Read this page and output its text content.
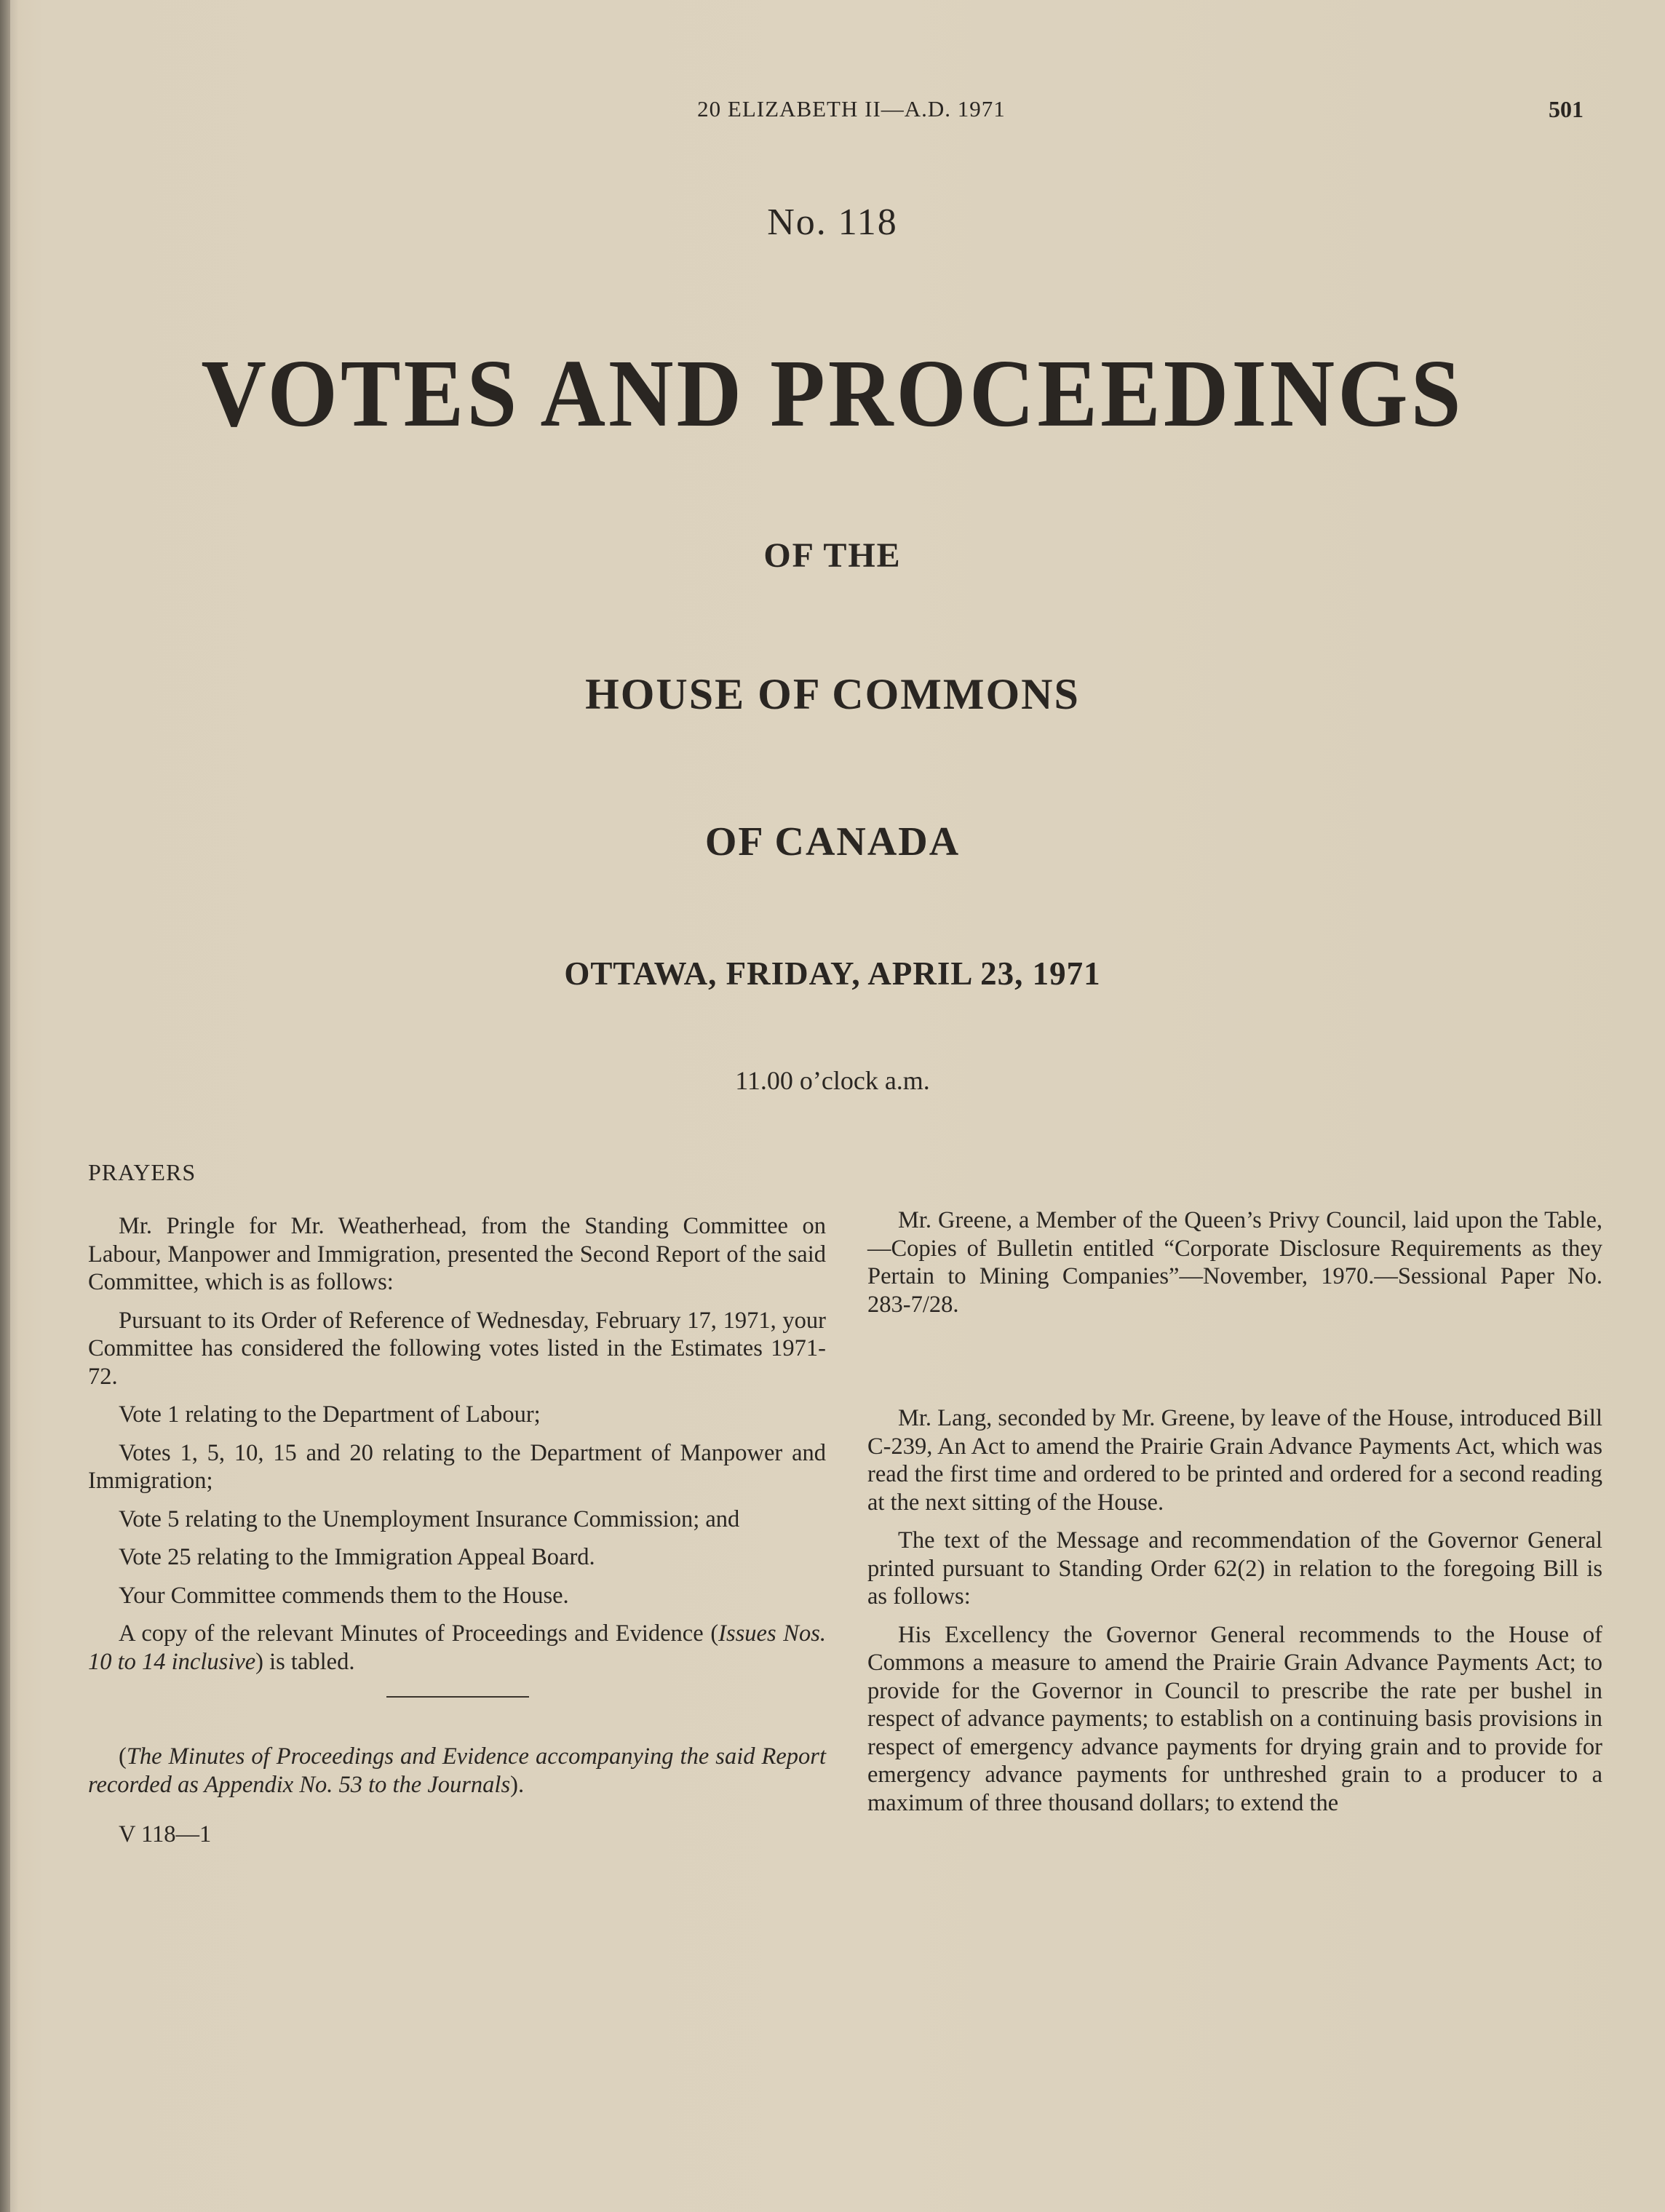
20 ELIZABETH II—A.D. 1971	501
No. 118
VOTES AND PROCEEDINGS
OF THE
HOUSE OF COMMONS
OF CANADA
OTTAWA, FRIDAY, APRIL 23, 1971
11.00 o’clock a.m.
PRAYERS

Mr. Pringle for Mr. Weatherhead, from the Standing Committee on Labour, Manpower and Immigration, presented the Second Report of the said Committee, which is as follows:

Pursuant to its Order of Reference of Wednesday, February 17, 1971, your Committee has considered the following votes listed in the Estimates 1971-72.

Vote 1 relating to the Department of Labour;

Votes 1, 5, 10, 15 and 20 relating to the Department of Manpower and Immigration;

Vote 5 relating to the Unemployment Insurance Commission; and

Vote 25 relating to the Immigration Appeal Board.

Your Committee commends them to the House.

A copy of the relevant Minutes of Proceedings and Evidence (Issues Nos. 10 to 14 inclusive) is tabled.

(The Minutes of Proceedings and Evidence accompanying the said Report recorded as Appendix No. 53 to the Journals).

V 118—1

Mr. Greene, a Member of the Queen’s Privy Council, laid upon the Table,—Copies of Bulletin entitled “Corporate Disclosure Requirements as they Pertain to Mining Companies”—November, 1970.—Sessional Paper No. 283-7/28.

Mr. Lang, seconded by Mr. Greene, by leave of the House, introduced Bill C-239, An Act to amend the Prairie Grain Advance Payments Act, which was read the first time and ordered to be printed and ordered for a second reading at the next sitting of the House.

The text of the Message and recommendation of the Governor General printed pursuant to Standing Order 62(2) in relation to the foregoing Bill is as follows:

His Excellency the Governor General recommends to the House of Commons a measure to amend the Prairie Grain Advance Payments Act; to provide for the Governor in Council to prescribe the rate per bushel in respect of advance payments; to establish on a continuing basis provisions in respect of emergency advance payments for drying grain and to provide for emergency advance payments for unthreshed grain to a producer to a maximum of three thousand dollars; to extend the
